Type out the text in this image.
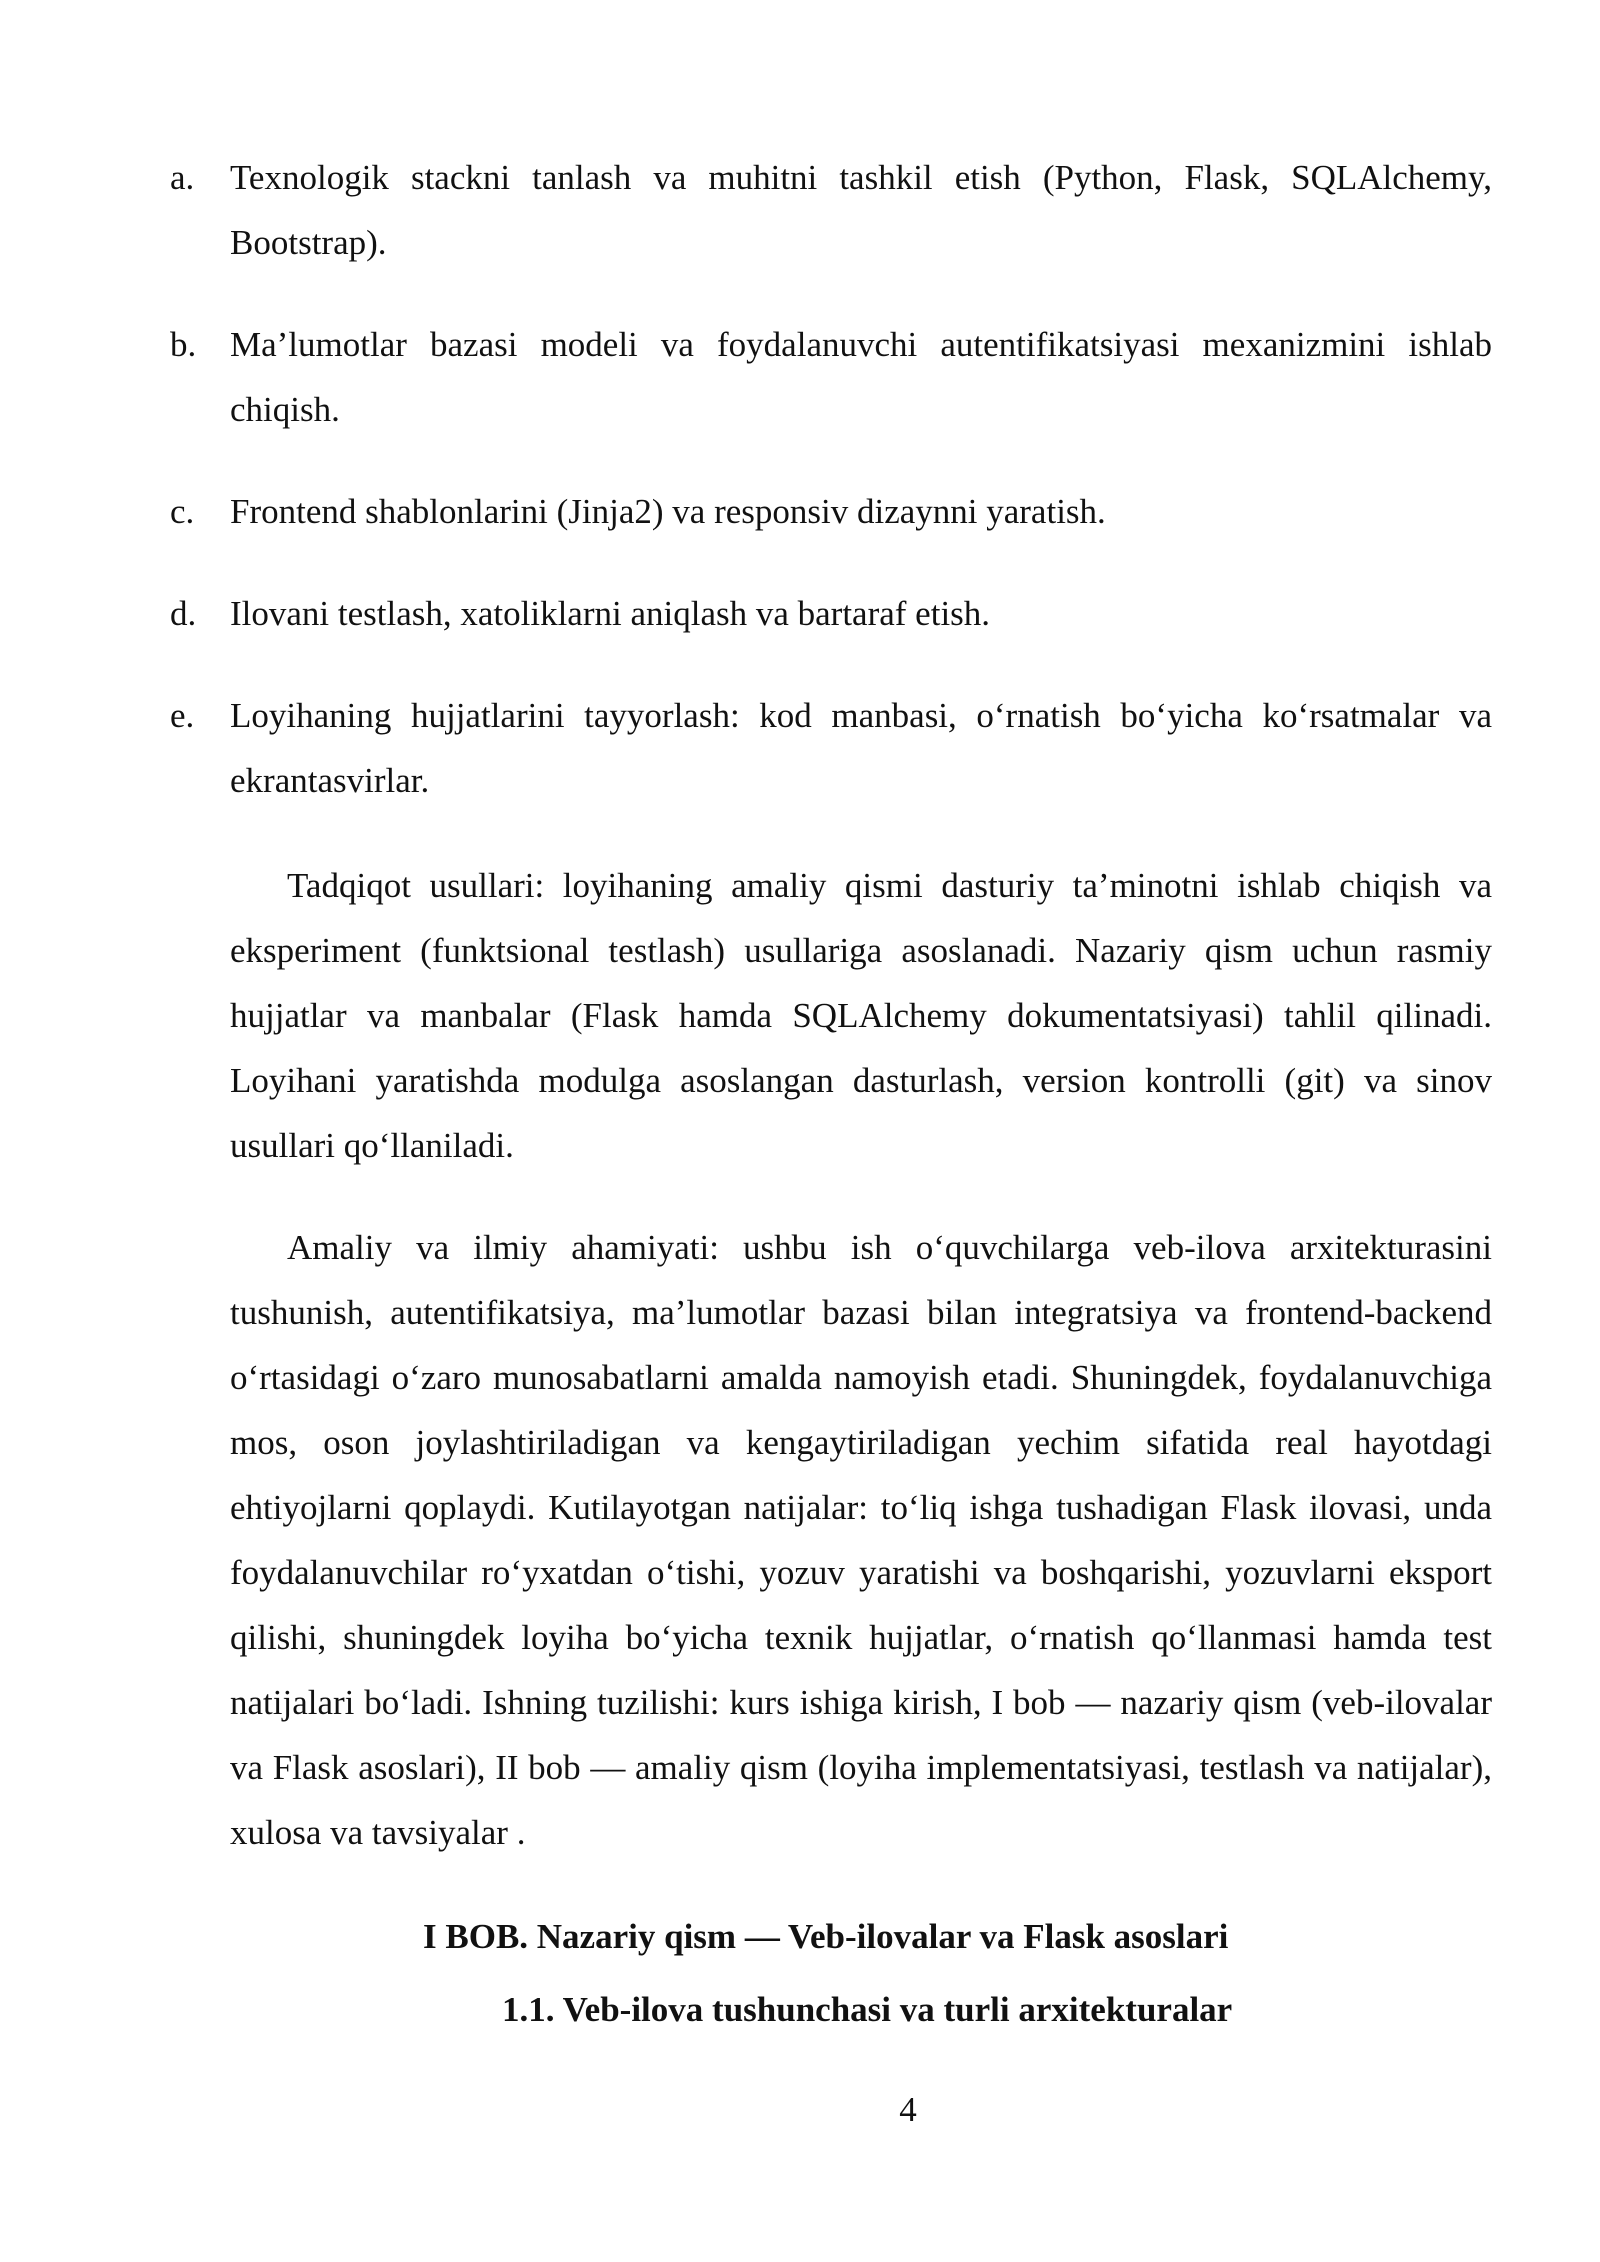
a. Texnologik stackni tanlash va muhitni tashkil etish (Python, Flask, SQLAlchemy, Bootstrap).
b. Ma’lumotlar bazasi modeli va foydalanuvchi autentifikatsiyasi mexanizmini ishlab chiqish.
c. Frontend shablonlarini (Jinja2) va responsiv dizaynni yaratish.
d. Ilovani testlash, xatoliklarni aniqlash va bartaraf etish.
e. Loyihaning hujjatlarini tayyorlash: kod manbasi, o‘rnatish bo‘yicha ko‘rsatmalar va ekrantasvirlar.

Tadqiqot usullari: loyihaning amaliy qismi dasturiy ta’minotni ishlab chiqish va eksperiment (funktsional testlash) usullariga asoslanadi. Nazariy qism uchun rasmiy hujjatlar va manbalar (Flask hamda SQLAlchemy dokumentatsiyasi) tahlil qilinadi. Loyihani yaratishda modulga asoslangan dasturlash, version kontrolli (git) va sinov usullari qo‘llaniladi.

Amaliy va ilmiy ahamiyati: ushbu ish o‘quvchilarga veb-ilova arxitekturasini tushunish, autentifikatsiya, ma’lumotlar bazasi bilan integratsiya va frontend-backend o‘rtasidagi o‘zaro munosabatlarni amalda namoyish etadi. Shuningdek, foydalanuvchiga mos, oson joylashtiriladigan va kengaytiriladigan yechim sifatida real hayotdagi ehtiyojlarni qoplaydi. Kutilayotgan natijalar: to‘liq ishga tushadigan Flask ilovasi, unda foydalanuvchilar ro‘yxatdan o‘tishi, yozuv yaratishi va boshqarishi, yozuvlarni eksport qilishi, shuningdek loyiha bo‘yicha texnik hujjatlar, o‘rnatish qo‘llanmasi hamda test natijalari bo‘ladi. Ishning tuzilishi: kurs ishiga kirish, I bob — nazariy qism (veb-ilovalar va Flask asoslari), II bob — amaliy qism (loyiha implementatsiyasi, testlash va natijalar), xulosa va tavsiyalar .

I BOB. Nazariy qism — Veb-ilovalar va Flask asoslari
1.1. Veb-ilova tushunchasi va turli arxitekturalar
4
